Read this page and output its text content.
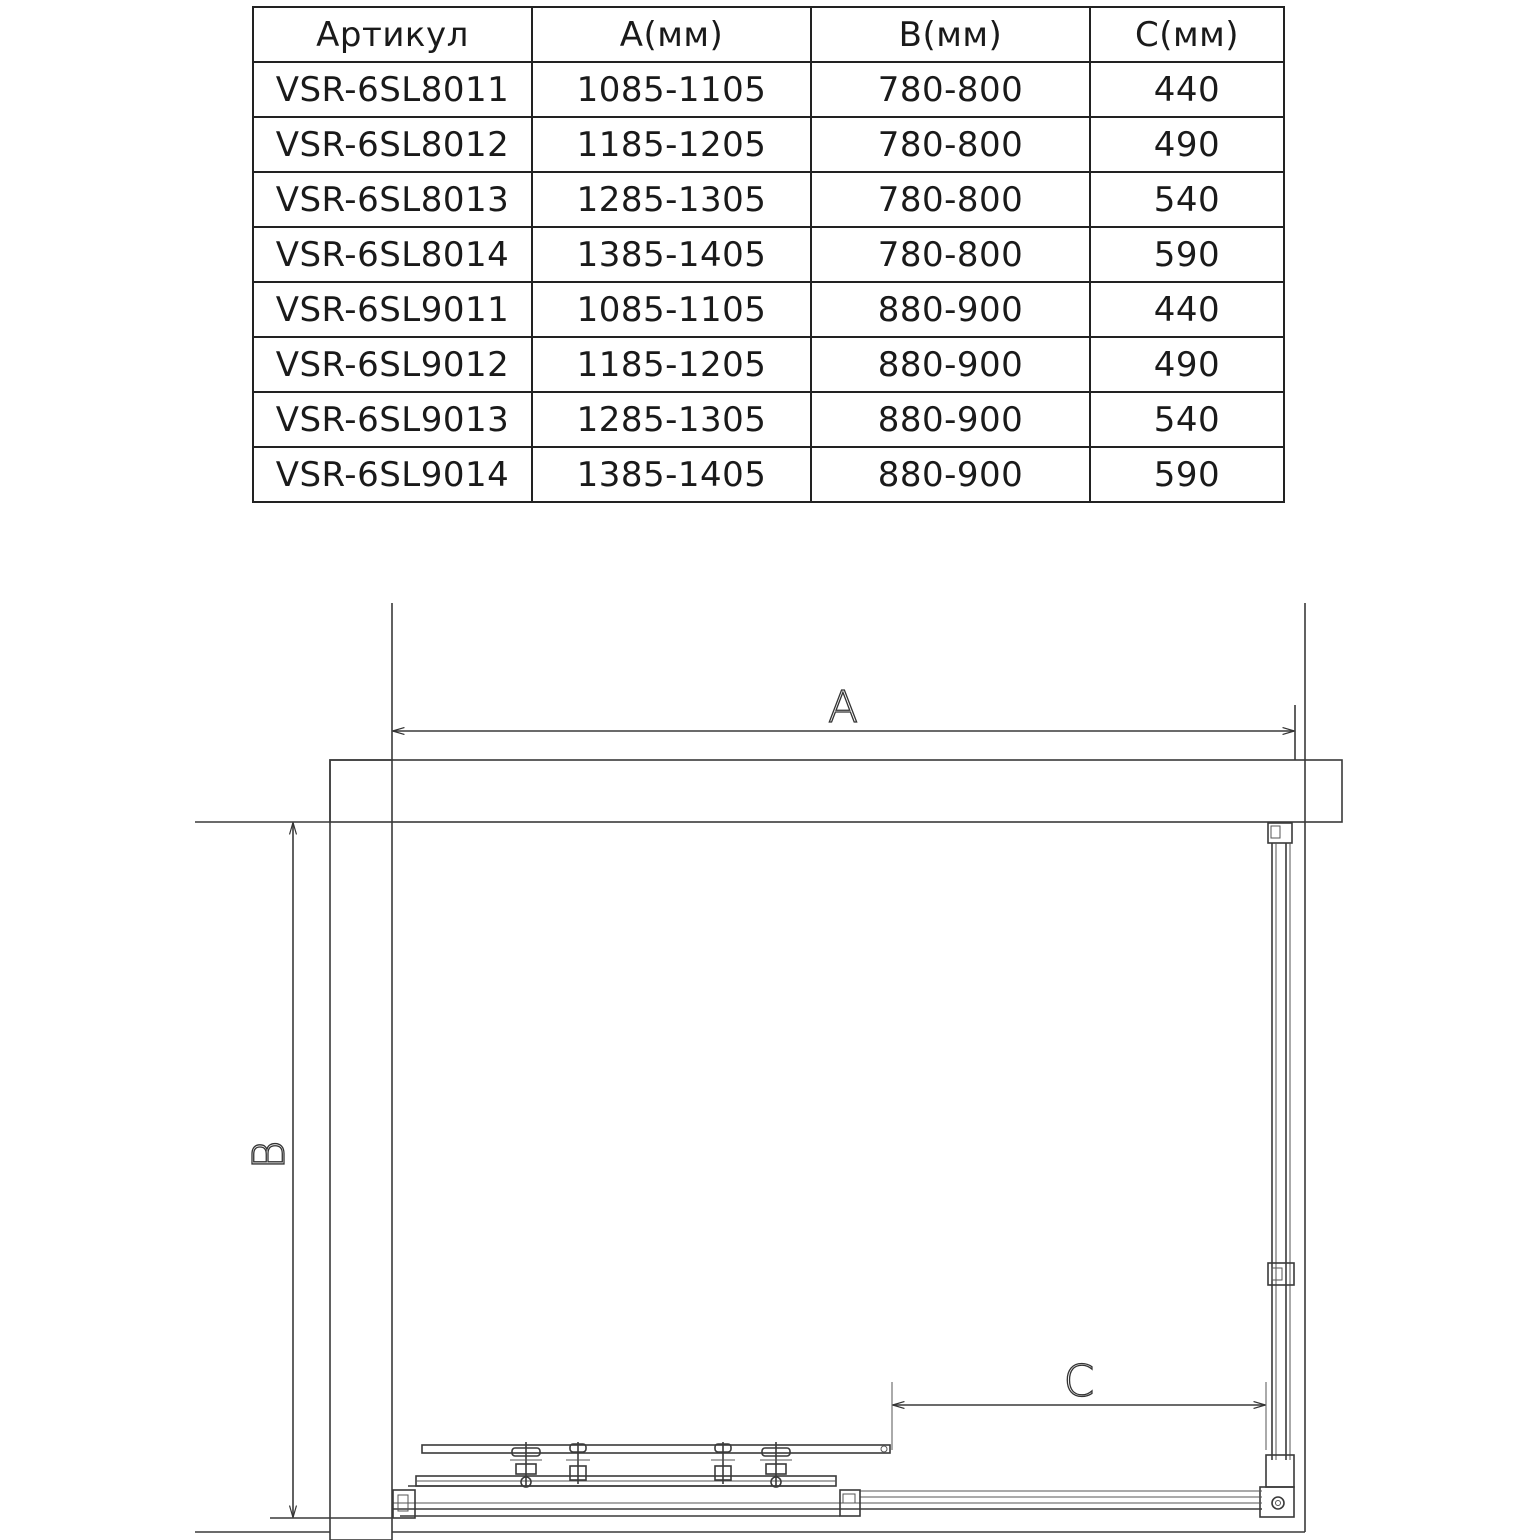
Артикул	A(мм)	B(мм)	C(мм)
VSR-6SL8011	1085-1105	780-800	440
VSR-6SL8012	1185-1205	780-800	490
VSR-6SL8013	1285-1305	780-800	540
VSR-6SL8014	1385-1405	780-800	590
VSR-6SL9011	1085-1105	880-900	440
VSR-6SL9012	1185-1205	880-900	490
VSR-6SL9013	1285-1305	880-900	540
VSR-6SL9014	1385-1405	880-900	590
A
B
C
